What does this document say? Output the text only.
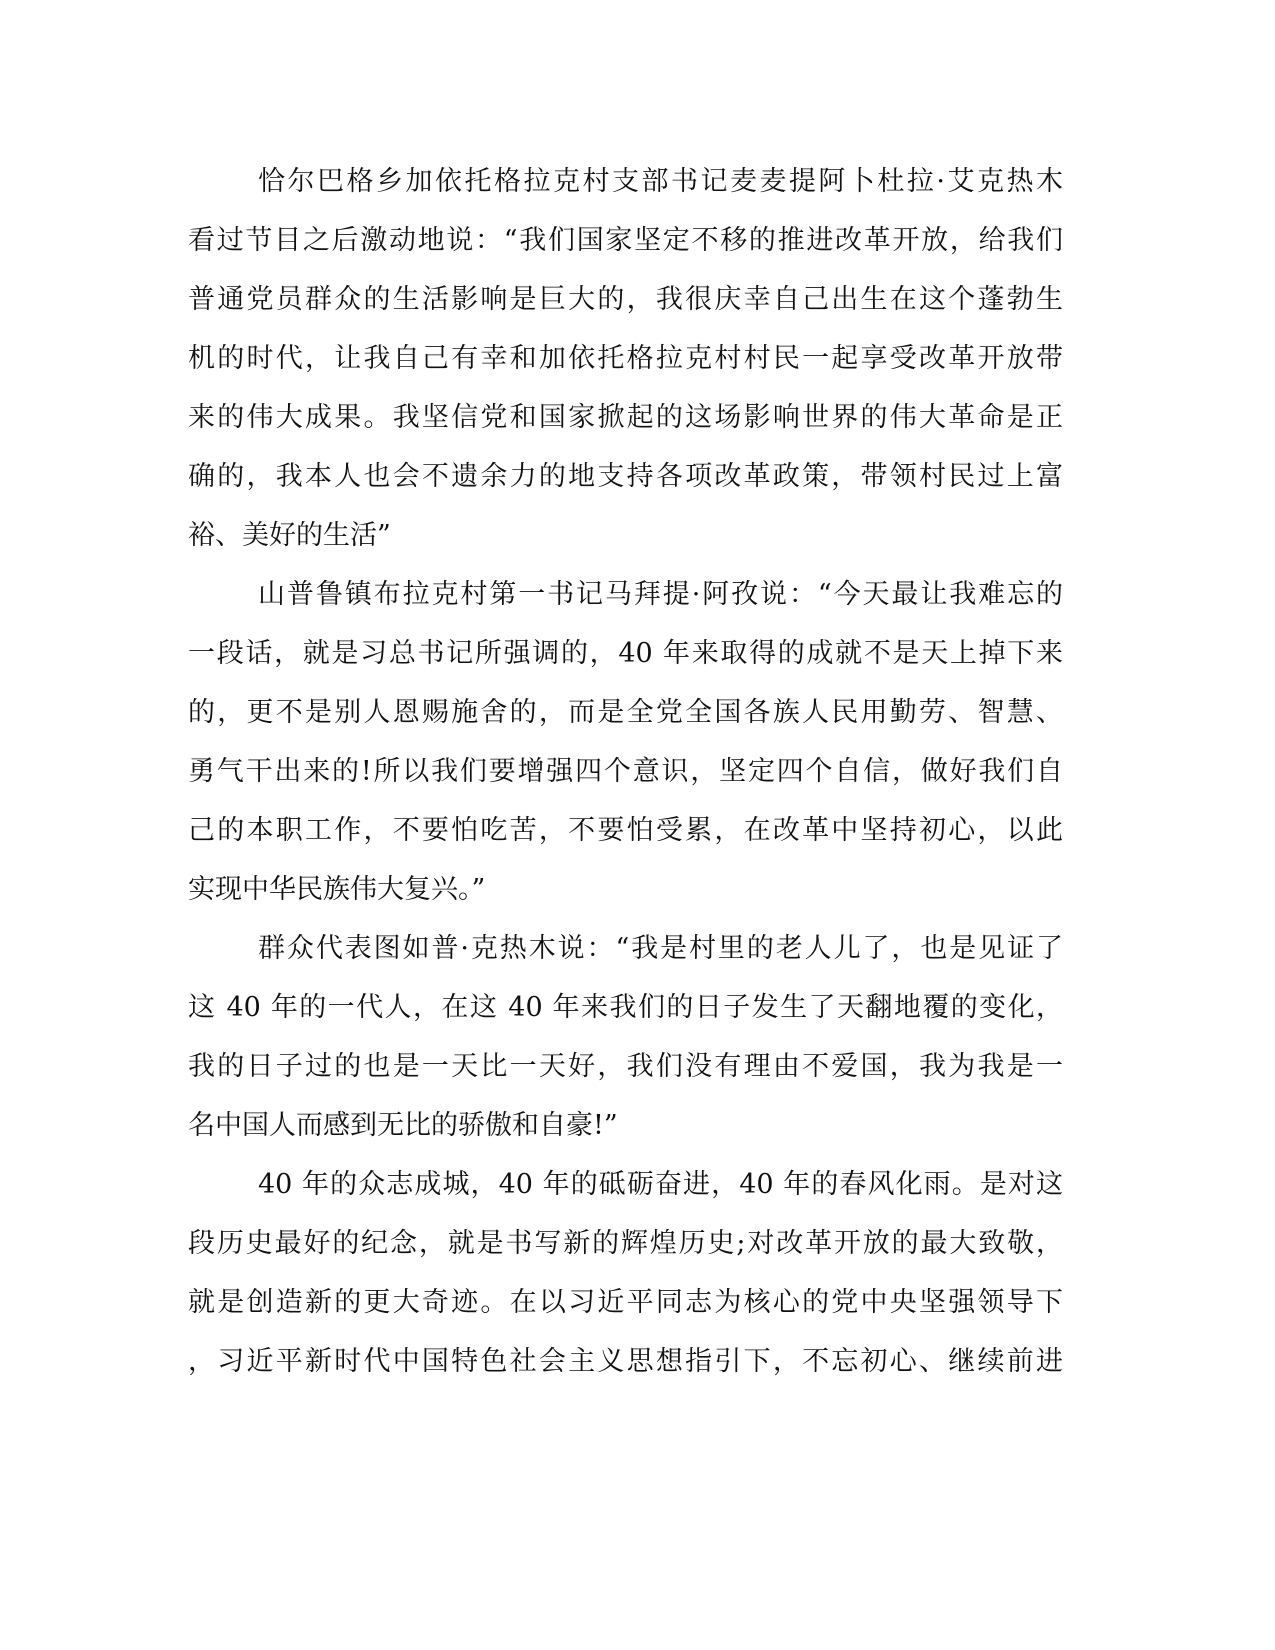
恰尔巴格乡加依托格拉克村支部书记麦麦提阿卜杜拉·艾克热木

看过节目之后激动地说：“我们国家坚定不移的推进改革开放，给我们

普通党员群众的生活影响是巨大的，我很庆幸自己出生在这个蓬勃生

机的时代，让我自己有幸和加依托格拉克村村民一起享受改革开放带

来的伟大成果。我坚信党和国家掀起的这场影响世界的伟大革命是正

确的，我本人也会不遗余力的地支持各项改革政策，带领村民过上富

裕、美好的生活”

山普鲁镇布拉克村第一书记马拜提·阿孜说：“今天最让我难忘的

一段话，就是习总书记所强调的，40 年来取得的成就不是天上掉下来

的，更不是别人恩赐施舍的，而是全党全国各族人民用勤劳、智慧、

勇气干出来的!所以我们要增强四个意识，坚定四个自信，做好我们自

己的本职工作，不要怕吃苦，不要怕受累，在改革中坚持初心，以此

实现中华民族伟大复兴。”

群众代表图如普·克热木说：“我是村里的老人儿了，也是见证了

这 40 年的一代人，在这 40 年来我们的日子发生了天翻地覆的变化，

我的日子过的也是一天比一天好，我们没有理由不爱国，我为我是一

名中国人而感到无比的骄傲和自豪!”

40 年的众志成城，40 年的砥砺奋进，40 年的春风化雨。是对这

段历史最好的纪念，就是书写新的辉煌历史;对改革开放的最大致敬，

就是创造新的更大奇迹。在以习近平同志为核心的党中央坚强领导下

，习近平新时代中国特色社会主义思想指引下，不忘初心、继续前进
